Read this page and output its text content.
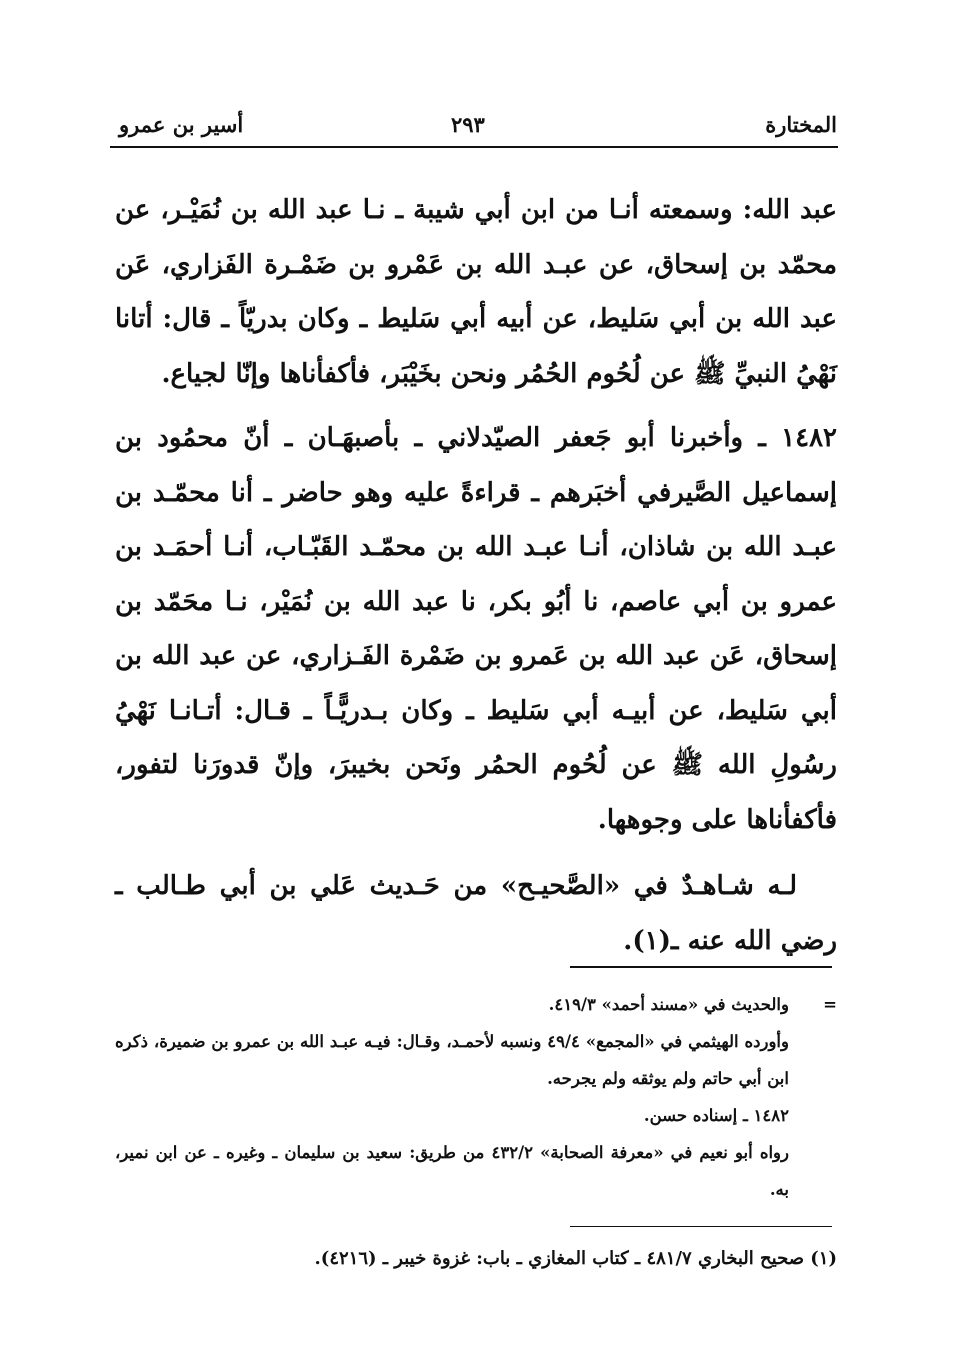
المختارة
٢٩٣
أسير بن عمرو

عبد الله: وسمعته أنـا من ابن أبي شيبة ـ نـا عبد الله بن نُمَيْـر، عن محمّد بن إسحاق، عن عبـد الله بن عَمْرو بن ضَمْـرة الفَزاري، عَن عبد الله بن أبي سَليط، عن أبيه أبي سَليط ـ وكان بدريّاً ـ قال: أتانا نَهْيُ النبيِّ ﷺ عن لُحُوم الحُمُر ونحن بخَيْبَر، فأكفأناها وإنّا لجياع.

١٤٨٢ ـ وأخبرنا أبو جَعفر الصيّدلاني ـ بأصبهَـان ـ أنّ محمُود بن إسماعيل الصَّيرفي أخبَرهم ـ قراءةً عليه وهو حاضر ـ أنا محمّـد بن عبـد الله بن شاذان، أنـا عبـد الله بن محمّـد القَبّـاب، أنـا أحمَـد بن عمرو بن أبي عاصم، نا أبُو بكر، نا عبد الله بن نُمَيْر، نـا محَمّد بن إسحاق، عَن عبد الله بن عَمرو بن ضَمْرة الفَـزاري، عن عبد الله بن أبي سَليط، عن أبيـه أبي سَليط ـ وكان بـدريًّـاً ـ قـال: أتـانـا نَهْيُ رسُولِ الله ﷺ عن لُحُوم الحمُر ونَحن بخيبرَ، وإنّ قدورَنا لتفور، فأكفأناها على وجوهها.

لـه شـاهـدٌ في «الصَّحيـح» من حَـديث عَلي بن أبي طـالب ـ رضي الله عنه ـ(١).

=
والحديث في «مسند أحمد» ٤١٩/٣.
وأورده الهيثمي في «المجمع» ٤٩/٤ ونسبه لأحمـد، وقـال: فيـه عبـد الله بن عمرو بن ضميرة، ذكره ابن أبي حاتم ولم يوثقه ولم يجرحه.
١٤٨٢ ـ إسناده حسن.
رواه أبو نعيم في «معرفة الصحابة» ٤٣٢/٢ من طريق: سعيد بن سليمان ـ وغيره ـ عن ابن نمير، به.
(١) صحيح البخاري ٤٨١/٧ ـ كتاب المغازي ـ باب: غزوة خيبر ـ (٤٢١٦).
